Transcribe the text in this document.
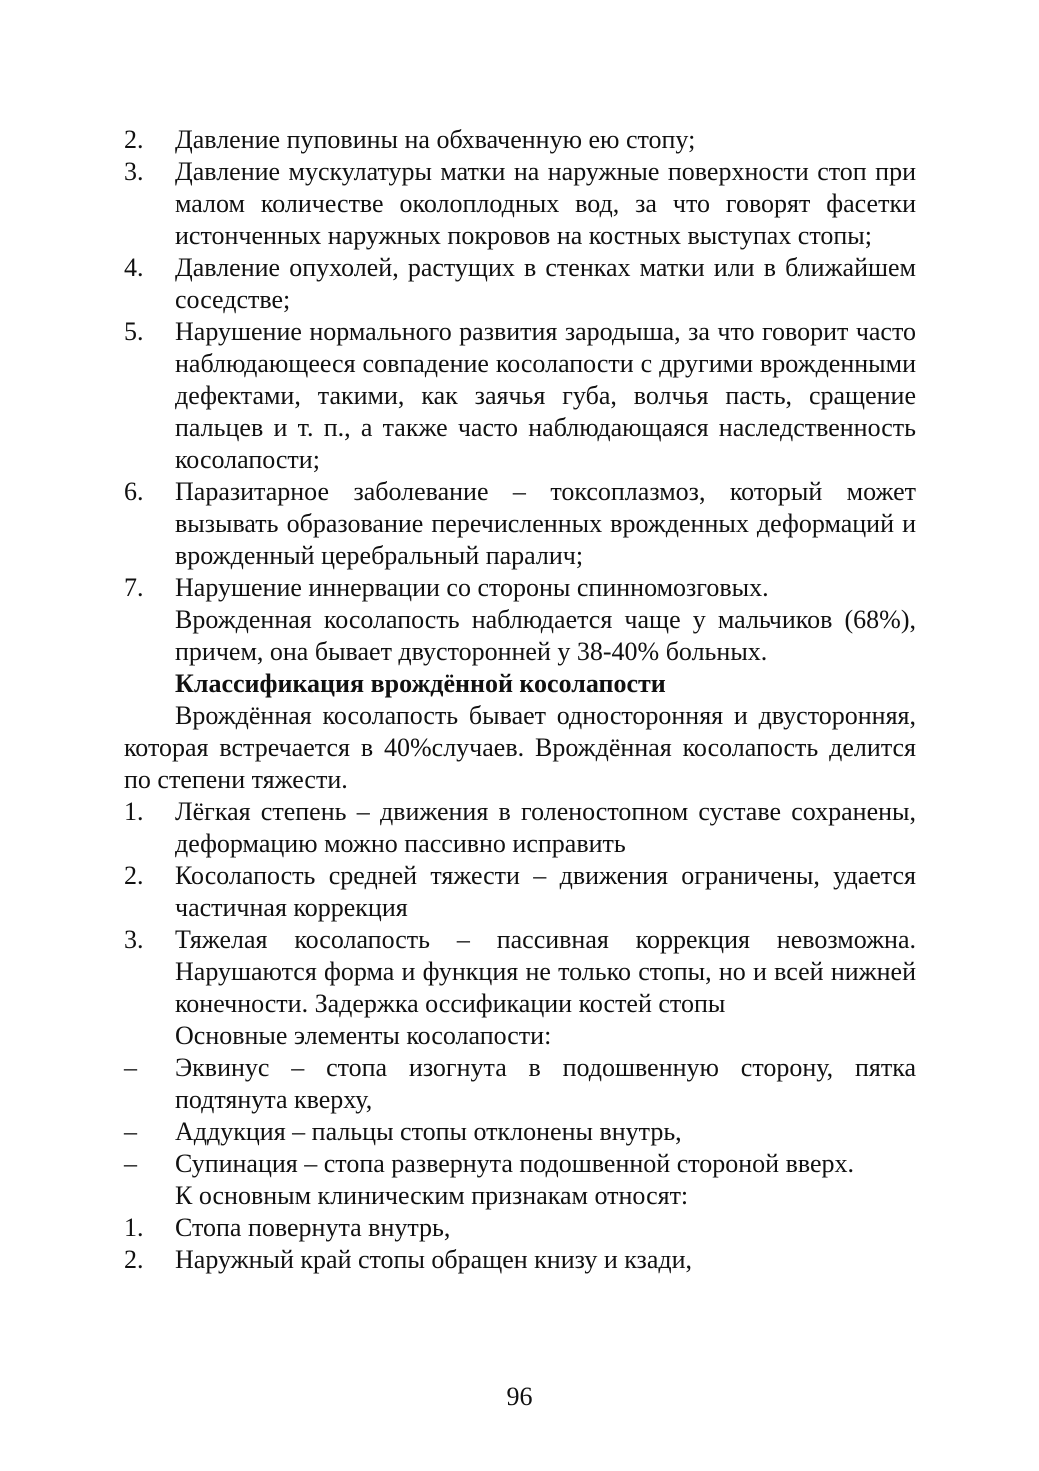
2. Давление пуповины на обхваченную ею стопу;
3. Давление мускулатуры матки на наружные поверхности стоп при малом количестве околоплодных вод, за что говорят фасетки истонченных наружных покровов на костных выступах стопы;
4. Давление опухолей, растущих в стенках матки или в ближайшем соседстве;
5. Нарушение нормального развития зародыша, за что говорит часто наблюдающееся совпадение косолапости с другими врожденными дефектами, такими, как заячья губа, волчья пасть, сращение пальцев и т. п., а также часто наблюдающаяся наследственность косолапости;
6. Паразитарное заболевание – токсоплазмоз, который может вызывать образование перечисленных врожденных деформаций и врожденный церебральный паралич;
7. Нарушение иннервации со стороны спинномозговых.
Врожденная косолапость наблюдается чаще у мальчиков (68%), причем, она бывает двусторонней у 38-40% больных.
Классификация врождённой косолапости
Врождённая косолапость бывает односторонняя и двусторонняя, которая встречается в 40%случаев. Врождённая косолапость делится по степени тяжести.
1. Лёгкая степень – движения в голеностопном суставе сохранены, деформацию можно пассивно исправить
2. Косолапость средней тяжести – движения ограничены, удается частичная коррекция
3. Тяжелая косолапость – пассивная коррекция невозможна. Нарушаются форма и функция не только стопы, но и всей нижней конечности. Задержка оссификации костей стопы
Основные элементы косолапости:
– Эквинус – стопа изогнута в подошвенную сторону, пятка подтянута кверху,
– Аддукция – пальцы стопы отклонены внутрь,
– Супинация – стопа развернута подошвенной стороной вверх.
К основным клиническим признакам относят:
1. Стопа повернута внутрь,
2. Наружный край стопы обращен книзу и кзади,
96
